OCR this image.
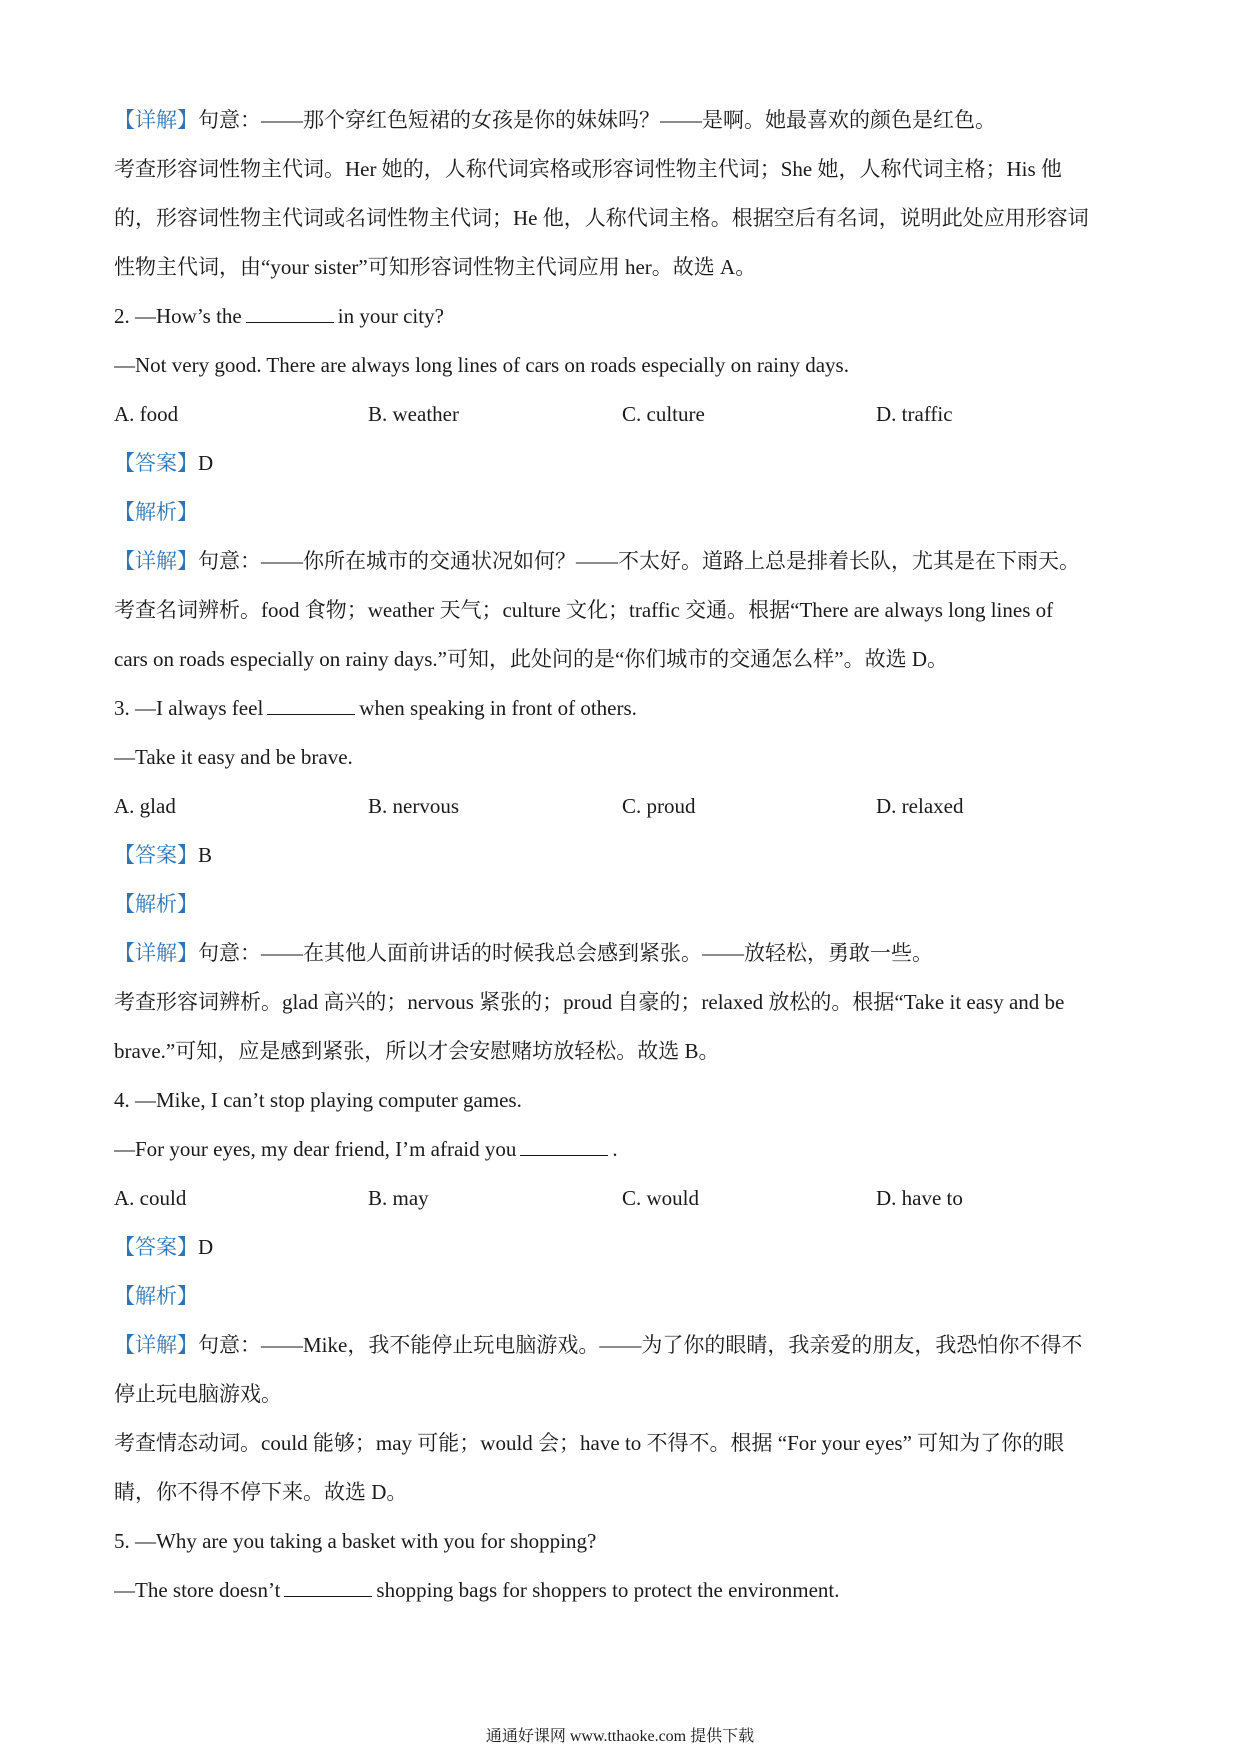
【详解】句意：——那个穿红色短裙的女孩是你的妹妹吗？——是啊。她最喜欢的颜色是红色。
考查形容词性物主代词。Her 她的，人称代词宾格或形容词性物主代词；She 她，人称代词主格；His 他
的，形容词性物主代词或名词性物主代词；He 他，人称代词主格。根据空后有名词，说明此处应用形容词
性物主代词，由“your sister”可知形容词性物主代词应用 her。故选 A。
2. —How’s the	in your city?
—Not very good. There are always long lines of cars on roads especially on rainy days.
A. food	B. weather	C. culture	D. traffic
【答案】D
【解析】
【详解】句意：——你所在城市的交通状况如何？——不太好。道路上总是排着长队，尤其是在下雨天。
考查名词辨析。food 食物；weather 天气；culture 文化；traffic 交通。根据“There are always long lines of
cars on roads especially on rainy days.”可知，此处问的是“你们城市的交通怎么样”。故选 D。
3. —I always feel	when speaking in front of others.
—Take it easy and be brave.
A. glad	B. nervous	C. proud	D. relaxed
【答案】B
【解析】
【详解】句意：——在其他人面前讲话的时候我总会感到紧张。——放轻松，勇敢一些。
考查形容词辨析。glad 高兴的；nervous 紧张的；proud 自豪的；relaxed 放松的。根据“Take it easy and be
brave.”可知，应是感到紧张，所以才会安慰赌坊放轻松。故选 B。
4. —Mike, I can’t stop playing computer games.
—For your eyes, my dear friend, I’m afraid you	.
A. could	B. may	C. would	D. have to
【答案】D
【解析】
【详解】句意：——Mike，我不能停止玩电脑游戏。——为了你的眼睛，我亲爱的朋友，我恐怕你不得不
停止玩电脑游戏。
考查情态动词。could 能够；may 可能；would 会；have to 不得不。根据 “For your eyes” 可知为了你的眼
睛，你不得不停下来。故选 D。
5. —Why are you taking a basket with you for shopping?
—The store doesn’t	shopping bags for shoppers to protect the environment.
通通好课网 www.tthaoke.com 提供下载
